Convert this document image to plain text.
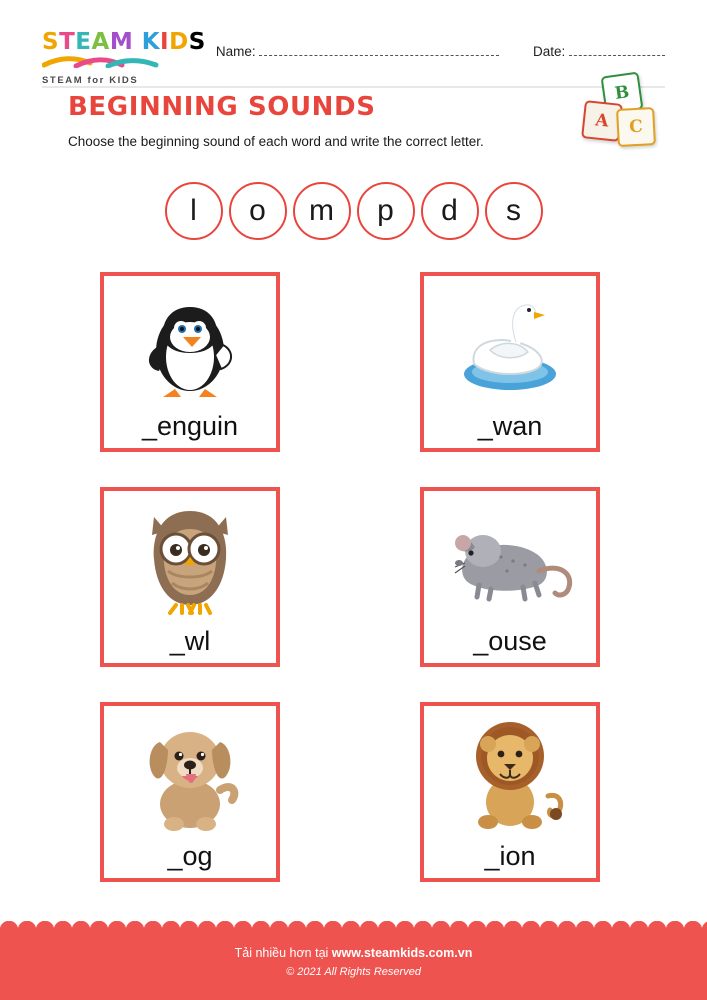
STEAM KIDS
STEAM for KIDS
Name:	Date:
BEGINNING SOUNDS
Choose the beginning sound of each word and write the correct letter.
B
A	C
l	o	m	p	d	s
_enguin	_wan
_wl	_ouse
_og	_ion
Tải nhiều hơn tại www.steamkids.com.vn
© 2021 All Rights Reserved
